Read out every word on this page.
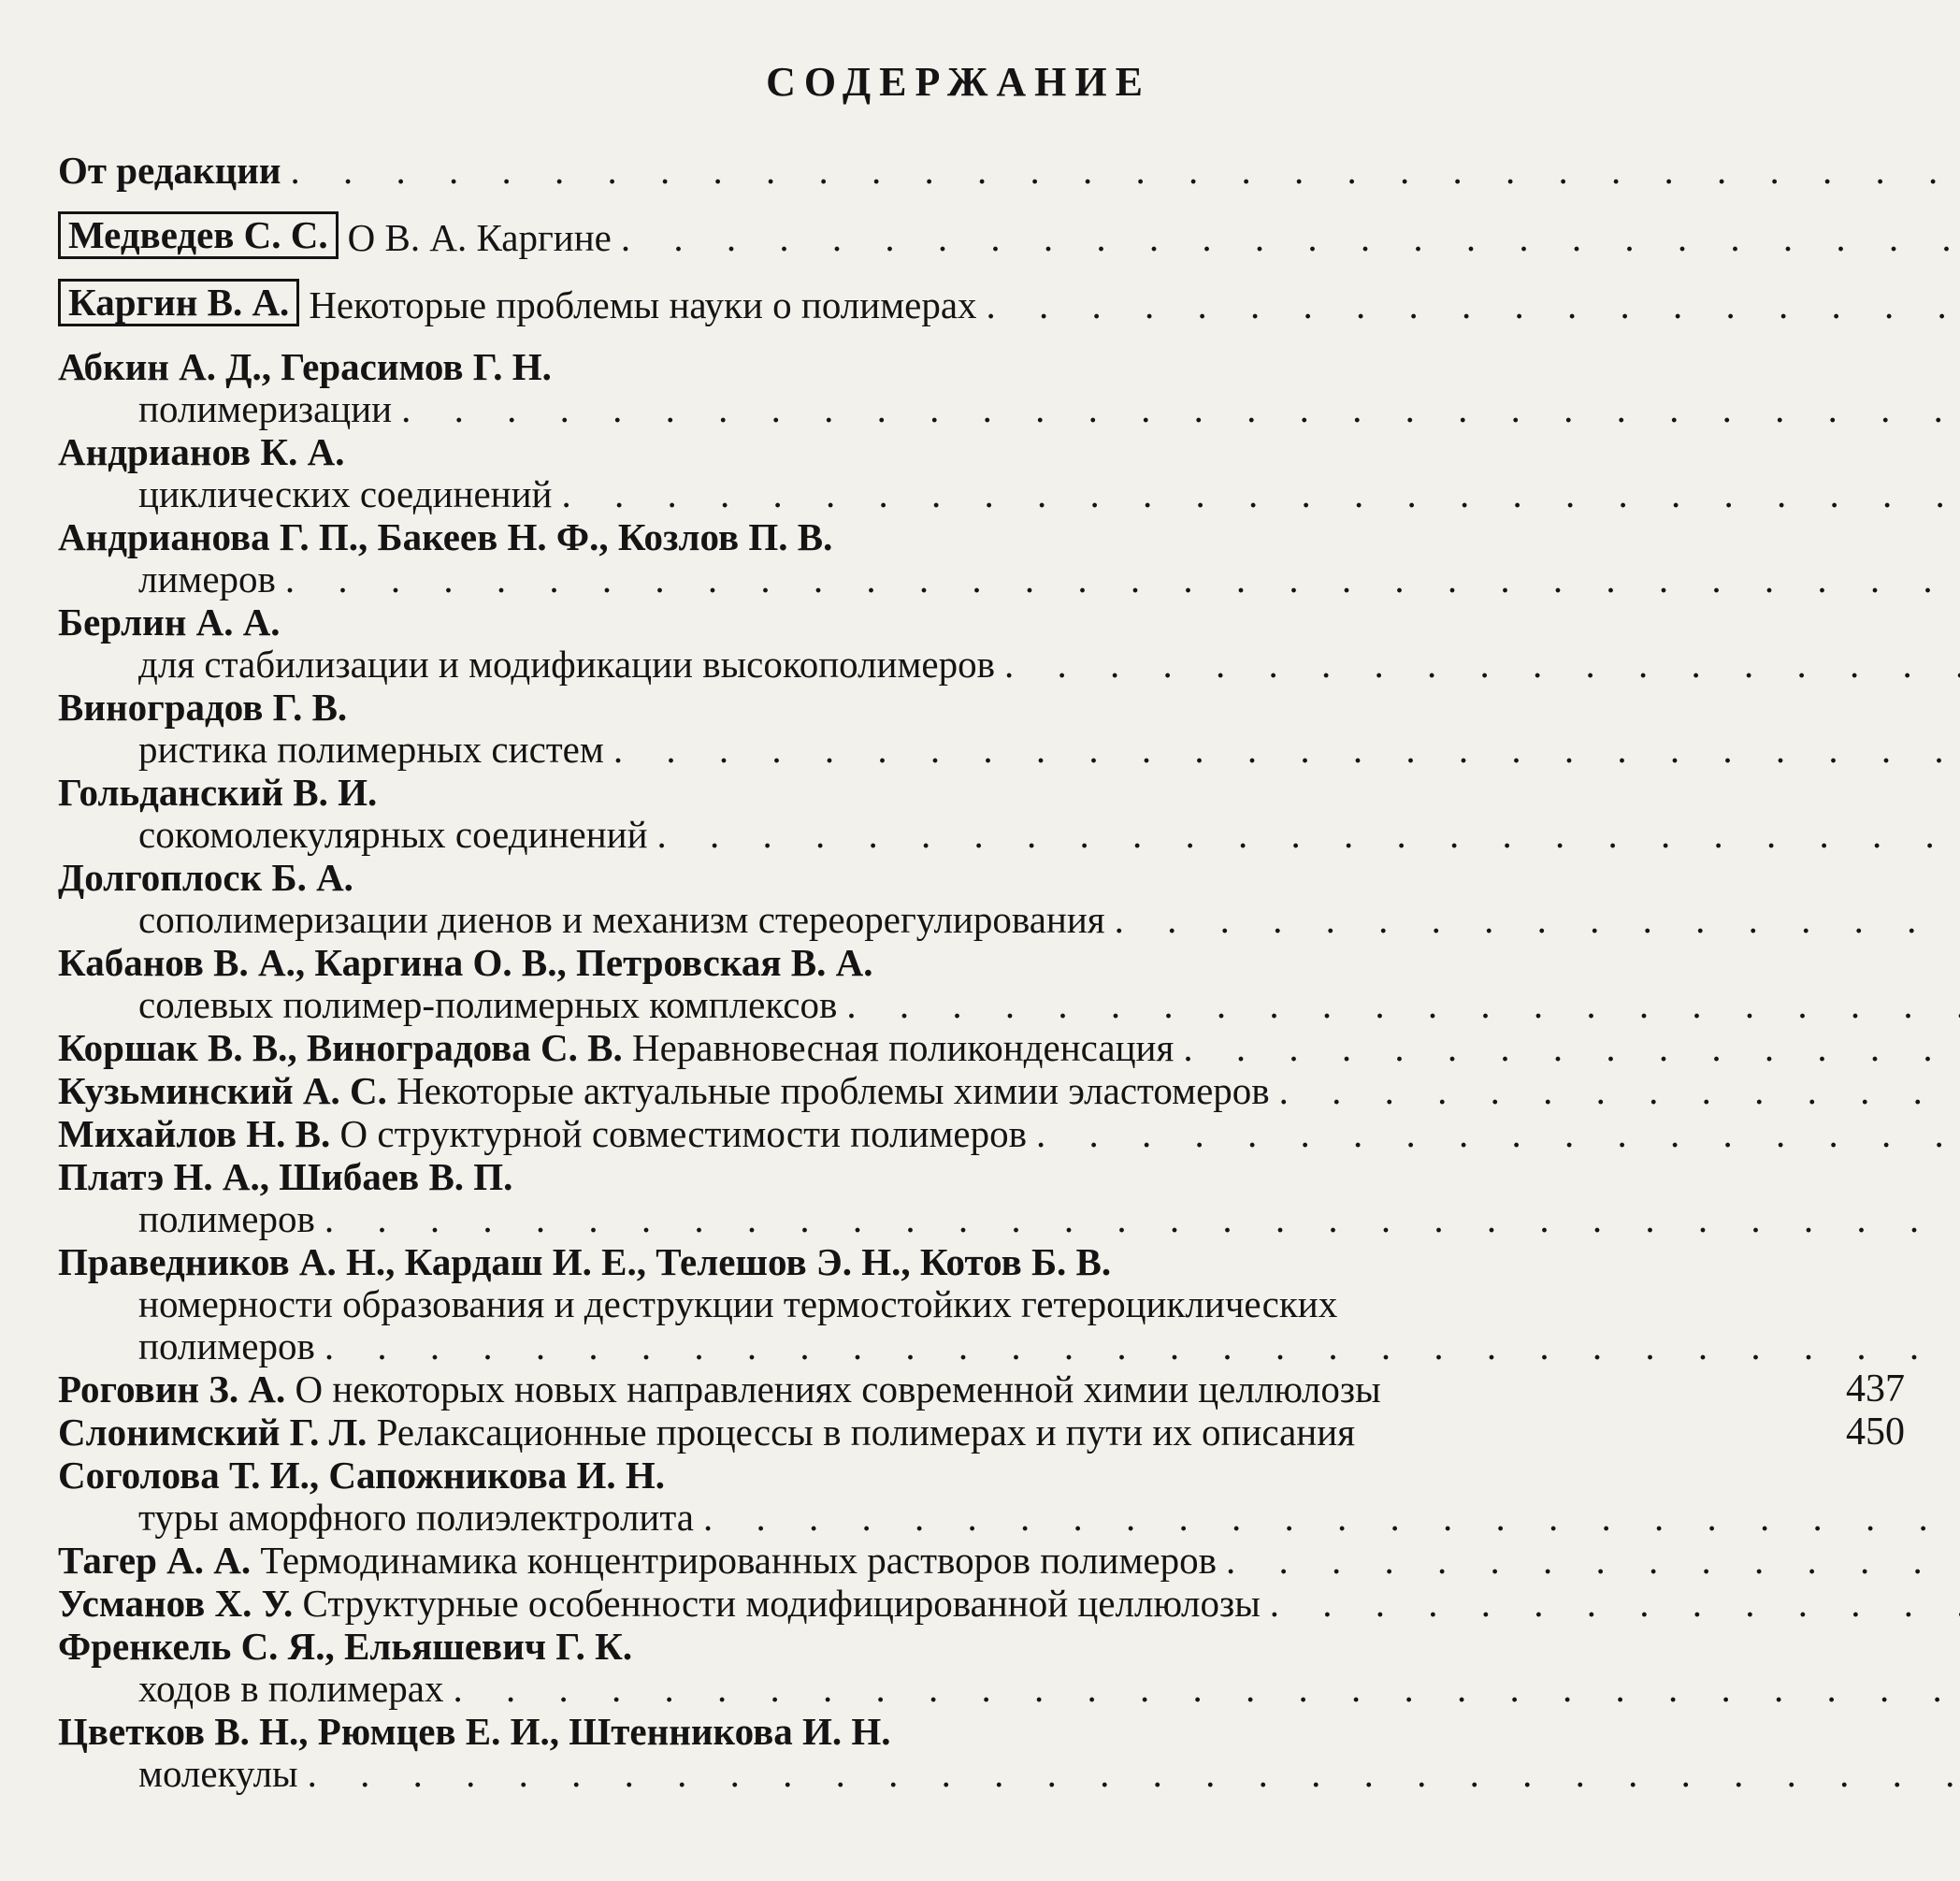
СОДЕРЖАНИЕ
От редакции
. . .
Медведев С. С. О В. А. Каргине
. . .
Каргин В. А. Некоторые проблемы науки о полимерах
. . .
Абкин А. Д., Герасимов Г. Н.
полимеризации
. . .
Андрианов К. А.
циклических соединений
. . .
Андрианова Г. П., Бакеев Н. Ф., Козлов П. В.
лимеров
. . .
Берлин А. А.
для стабилизации и модификации высокополимеров
. . .
Виноградов Г. В.
ристика полимерных систем
. . .
Гольданский В. И.
сокомолекулярных соединений
. . .
Долгоплоск Б. А.
сополимеризации диенов и механизм стереорегулирования
. . .
Кабанов В. А., Каргина О. В., Петровская В. А.
солевых полимер-полимерных комплексов
. . .
Коршак В. В., Виноградова С. В. Неравновесная поликонденсация
. . .
Кузьминский А. С. Некоторые актуальные проблемы химии эластомеров
. . .
Михайлов Н. В. О структурной совместимости полимеров
. . .
Платэ Н. А., Шибаев В. П.
полимеров
. . .
Праведников А. Н., Кардаш И. Е., Телешов Э. Н., Котов Б. В.
номерности образования и деструкции термостойких гетероциклических
полимеров
. . .
Роговин З. А. О некоторых новых направлениях современной химии целлюлозы	437
Слонимский Г. Л. Релаксационные процессы в полимерах и пути их описания	450
Соголова Т. И., Сапожникова И. Н.
туры аморфного полиэлектролита
. . .
Тагер А. А. Термодинамика концентрированных растворов полимеров
. . .
Усманов Х. У. Структурные особенности модифицированной целлюлозы
. . .
Френкель С. Я., Ельяшевич Г. К.
ходов в полимерах
. . .
Цветков В. Н., Рюмцев Е. И., Штенникова И. Н.
молекулы
. . .
